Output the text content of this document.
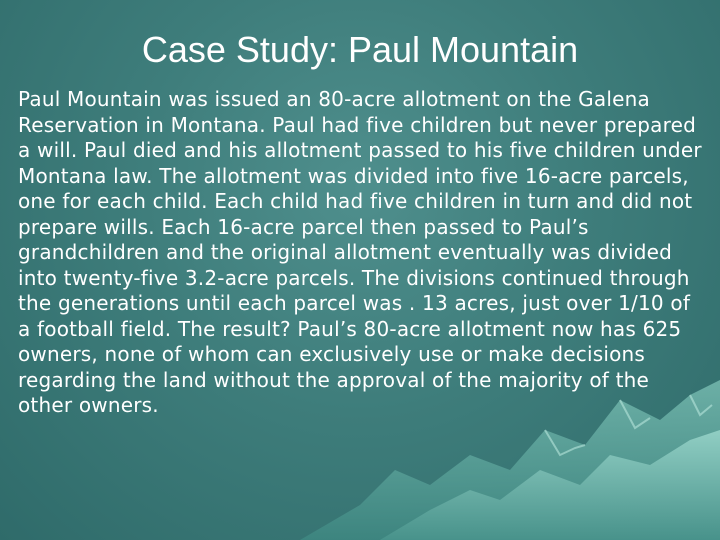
Case Study: Paul Mountain

Paul Mountain was issued an 80-acre allotment on the Galena Reservation in Montana. Paul had five children but never prepared a will. Paul died and his allotment passed to his five children under Montana law. The allotment was divided into five 16-acre parcels, one for each child. Each child had five children in turn and did not prepare wills. Each 16-acre parcel then passed to Paul’s grandchildren and the original allotment eventually was divided into twenty-five 3.2-acre parcels. The divisions continued through the generations until each parcel was . 13 acres, just over 1/10 of a football field. The result? Paul’s 80-acre allotment now has 625 owners, none of whom can exclusively use or make decisions regarding the land without the approval of the majority of the other owners.
